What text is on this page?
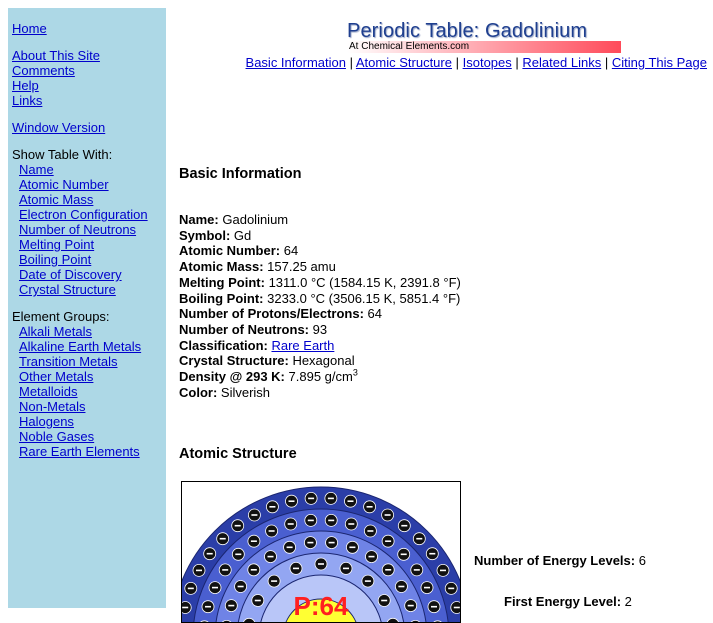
Home
About This Site
Comments
Help
Links
Window Version
Show Table With:
Name
Atomic Number
Atomic Mass
Electron Configuration
Number of Neutrons
Melting Point
Boiling Point
Date of Discovery
Crystal Structure
Element Groups:
Alkali Metals
Alkaline Earth Metals
Transition Metals
Other Metals
Metalloids
Non-Metals
Halogens
Noble Gases
Rare Earth Elements
Periodic Table: Gadolinium
At Chemical Elements.com
Basic Information | Atomic Structure | Isotopes | Related Links | Citing This Page
Basic Information
Name: Gadolinium
Symbol: Gd
Atomic Number: 64
Atomic Mass: 157.25 amu
Melting Point: 1311.0 °C (1584.15 K, 2391.8 °F)
Boiling Point: 3233.0 °C (3506.15 K, 5851.4 °F)
Number of Protons/Electrons: 64
Number of Neutrons: 93
Classification: Rare Earth
Crystal Structure: Hexagonal
Density @ 293 K: 7.895 $g/cm^3$
Color: Silverish
Atomic Structure
P:64
Number of Energy Levels: 6
First Energy Level: 2
